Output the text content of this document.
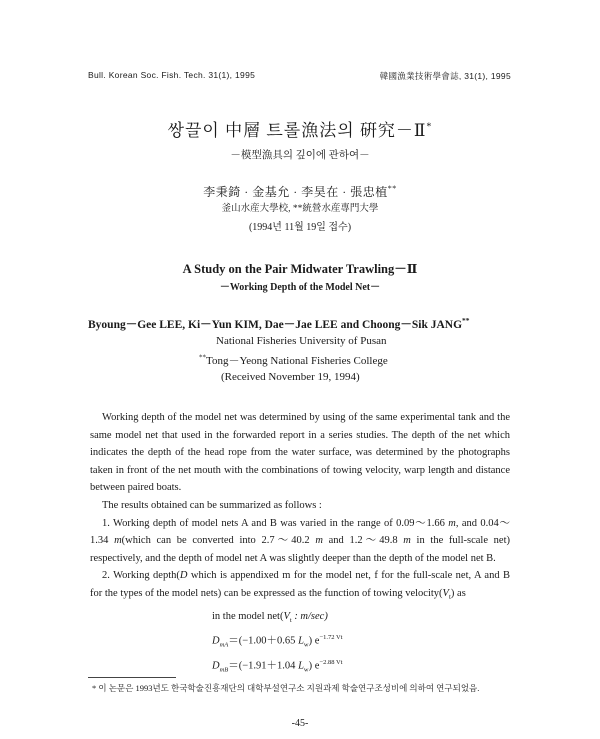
Bull. Korean Soc. Fish. Tech. 31(1), 1995	韓國漁業技術學會誌, 31(1), 1995
쌍끌이 中層 트롤漁法의 硏究－Ⅱ*
－模型漁具의 깊이에 관하여－
李秉錡 · 金基允 · 李昊在 · 張忠植**
釜山水産大學校, **統營水産專門大學
(1994년 11월 19일 접수)
A Study on the Pair Midwater Trawling－Ⅱ
－Working Depth of the Model Net－
Byoung－Gee LEE, Ki－Yun KIM, Dae－Jae LEE and Choong－Sik JANG**
National Fisheries University of Pusan
**Tong－Yeong National Fisheries College
(Received November 19, 1994)

Working depth of the model net was determined by using of the same experimental tank and the same model net that used in the forwarded report in a series studies. The depth of the net which indicates the depth of the head rope from the water surface, was determined by the photographs taken in front of the net mouth with the combinations of towing velocity, warp length and distance between paired boats.

The results obtained can be summarized as follows :

1. Working depth of model nets A and B was varied in the range of 0.09～1.66 m, and 0.04～1.34 m(which can be converted into 2.7～40.2 m and 1.2～49.8 m in the full-scale net) respectively, and the depth of model net A was slightly deeper than the depth of the model net B.

2. Working depth(D which is appendixed m for the model net, f for the full-scale net, A and B for the types of the model nets) can be expressed as the function of towing $velocity(V_t)$ as

in the model $net(V_t$ : m/sec)
$D_{mA}=(-1.00+0.65$ $L_w$) $e^{-1.72 Vt}$
$D_{mB}=(-1.91+1.04$ $L_w$) $e^{-2.88 Vt}$
* 이 논문은 1993년도 한국학술진흥재단의 대학부설연구소 지원과제 학술연구조성비에 의하여 연구되었음.
-45-
